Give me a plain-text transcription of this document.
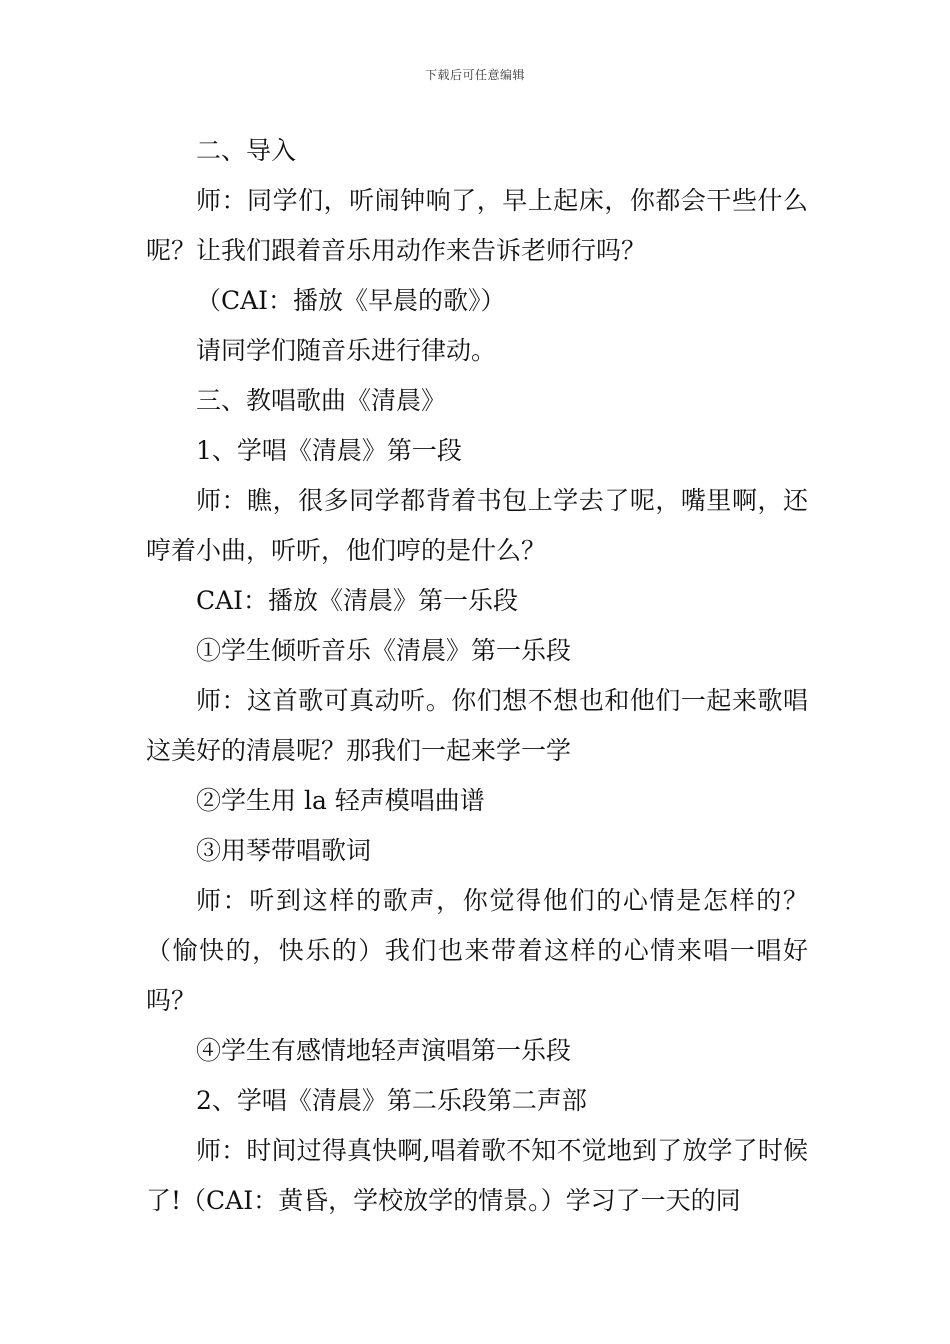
下载后可任意编辑

二、导入

师：同学们，听闹钟响了，早上起床，你都会干些什么呢？让我们跟着音乐用动作来告诉老师行吗？

（CAI：播放《早晨的歌》）

请同学们随音乐进行律动。

三、教唱歌曲《清晨》

1、学唱《清晨》第一段

师：瞧，很多同学都背着书包上学去了呢，嘴里啊，还哼着小曲，听听，他们哼的是什么？

CAI：播放《清晨》第一乐段

①学生倾听音乐《清晨》第一乐段

师：这首歌可真动听。你们想不想也和他们一起来歌唱这美好的清晨呢？那我们一起来学一学

②学生用 la 轻声模唱曲谱

③用琴带唱歌词

师：听到这样的歌声，你觉得他们的心情是怎样的？（愉快的，快乐的）我们也来带着这样的心情来唱一唱好吗？

④学生有感情地轻声演唱第一乐段

2、学唱《清晨》第二乐段第二声部

师：时间过得真快啊,唱着歌不知不觉地到了放学了时候了!（CAI：黄昏，学校放学的情景。）学习了一天的同
